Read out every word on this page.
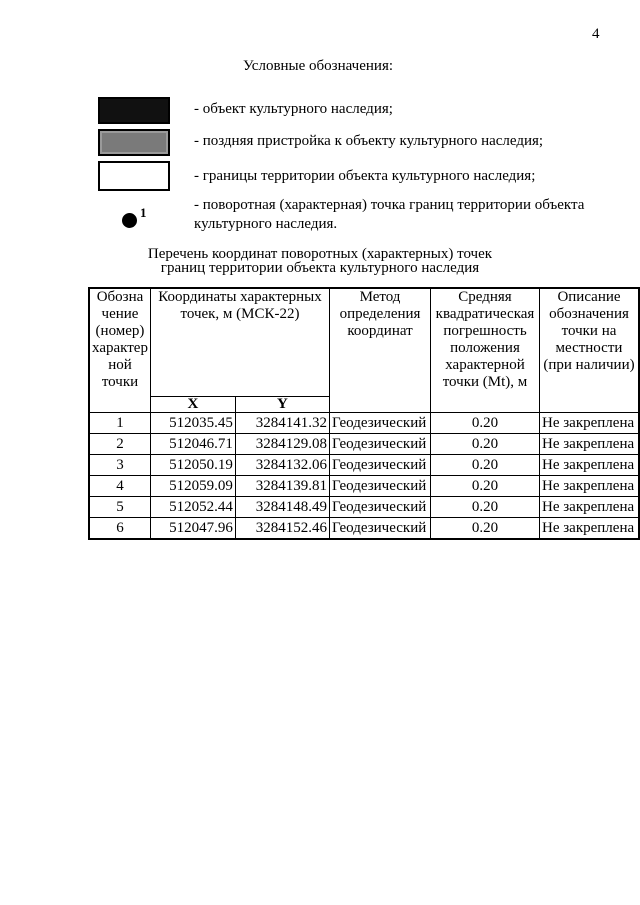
4
Условные обозначения:
- объект культурного наследия;
- поздняя пристройка к объекту культурного наследия;
- границы территории объекта культурного наследия;
1	- поворотная (характерная) точка границ территории объекта
культурного наследия.
Перечень координат поворотных (характерных) точек
границ территории объекта культурного наследия
Обозна чение (номер) характер ной точки	Координаты характерных точек, м (МСК-22)		Метод определения координат	Средняя квадратическая погрешность положения характерной точки (Mt), м	Описание обозначения точки на местности (при наличии)
	X	Y			
1	512035.45	3284141.32	Геодезический	0.20	Не закреплена
2	512046.71	3284129.08	Геодезический	0.20	Не закреплена
3	512050.19	3284132.06	Геодезический	0.20	Не закреплена
4	512059.09	3284139.81	Геодезический	0.20	Не закреплена
5	512052.44	3284148.49	Геодезический	0.20	Не закреплена
6	512047.96	3284152.46	Геодезический	0.20	Не закреплена
